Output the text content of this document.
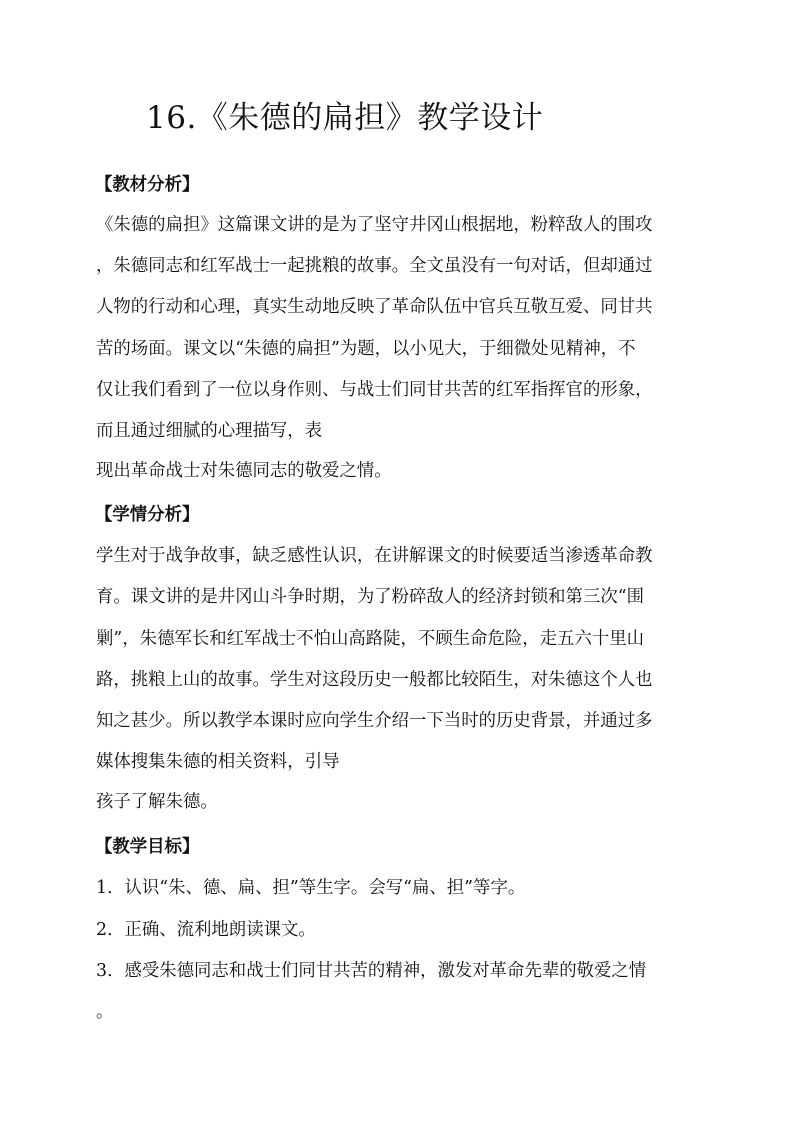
16.《朱德的扁担》教学设计
【教材分析】
《朱德的扁担》这篇课文讲的是为了坚守井冈山根据地，粉粹敌人的围攻
，朱德同志和红军战士一起挑粮的故事。全文虽没有一句对话，但却通过
人物的行动和心理，真实生动地反映了革命队伍中官兵互敬互爱、同甘共
苦的场面。课文以“朱德的扁担”为题，以小见大，于细微处见精神，不
仅让我们看到了一位以身作则、与战士们同甘共苦的红军指挥官的形象，
而且通过细腻的心理描写，表
现出革命战士对朱德同志的敬爱之情。
【学情分析】
学生对于战争故事，缺乏感性认识，在讲解课文的时候要适当渗透革命教
育。课文讲的是井冈山斗争时期，为了粉碎敌人的经济封锁和第三次“围
剿”，朱德军长和红军战士不怕山高路陡，不顾生命危险，走五六十里山
路，挑粮上山的故事。学生对这段历史一般都比较陌生，对朱德这个人也
知之甚少。所以教学本课时应向学生介绍一下当时的历史背景，并通过多
媒体搜集朱德的相关资料，引导
孩子了解朱德。
【教学目标】
1．认识“朱、德、扁、担”等生字。会写“扁、担”等字。
2．正确、流利地朗读课文。
3．感受朱德同志和战士们同甘共苦的精神，激发对革命先辈的敬爱之情
。
